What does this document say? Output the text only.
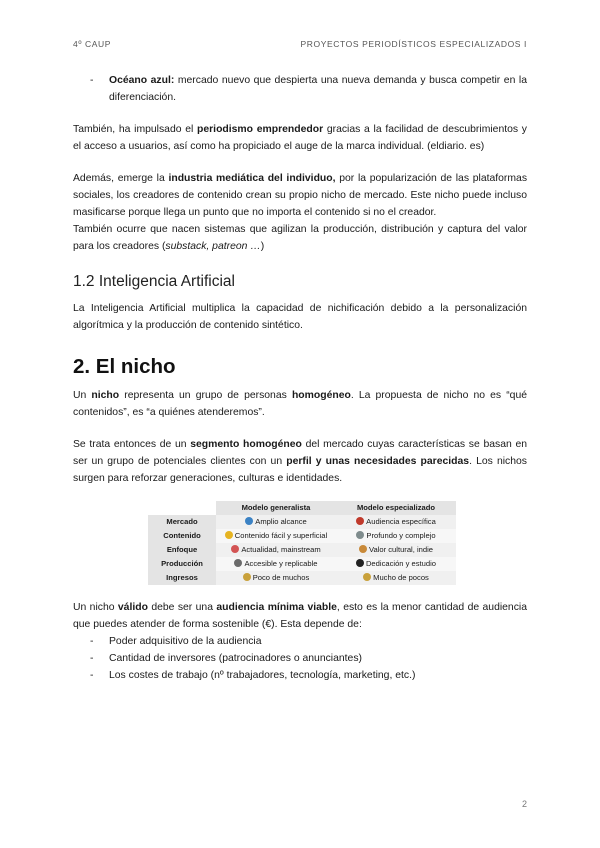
4º CAUP	PROYECTOS PERIODÍSTICOS ESPECIALIZADOS I
-	Océano azul: mercado nuevo que despierta una nueva demanda y busca competir en la diferenciación.

También, ha impulsado el periodismo emprendedor gracias a la facilidad de descubrimientos y el acceso a usuarios, así como ha propiciado el auge de la marca individual. (eldiario. es)

Además, emerge la industria mediática del individuo, por la popularización de las plataformas sociales, los creadores de contenido crean su propio nicho de mercado. Este nicho puede incluso masificarse porque llega un punto que no importa el contenido si no el creador.

También ocurre que nacen sistemas que agilizan la producción, distribución y captura del valor para los creadores (substack, patreon …)

1.2 Inteligencia Artificial

La Inteligencia Artificial multiplica la capacidad de nichificación debido a la personalización algorítmica y la producción de contenido sintético.

2. El nicho

Un nicho representa un grupo de personas homogéneo. La propuesta de nicho no es “qué contenidos”, es “a quiénes atenderemos”.

Se trata entonces de un segmento homogéneo del mercado cuyas características se basan en ser un grupo de potenciales clientes con un perfil y unas necesidades parecidas. Los nichos surgen para reforzar generaciones, culturas e identidades.

	Modelo generalista	Modelo especializado
Mercado	Amplio alcance	Audiencia específica
Contenido	Contenido fácil y superficial	Profundo y complejo
Enfoque	Actualidad, mainstream	Valor cultural, indie
Producción	Accesible y replicable	Dedicación y estudio
Ingresos	Poco de muchos	Mucho de pocos

Un nicho válido debe ser una audiencia mínima viable, esto es la menor cantidad de audiencia que puedes atender de forma sostenible (€). Esta depende de:

-	Poder adquisitivo de la audiencia
-	Cantidad de inversores (patrocinadores o anunciantes)
-	Los costes de trabajo (nº trabajadores, tecnología, marketing, etc.)
2
